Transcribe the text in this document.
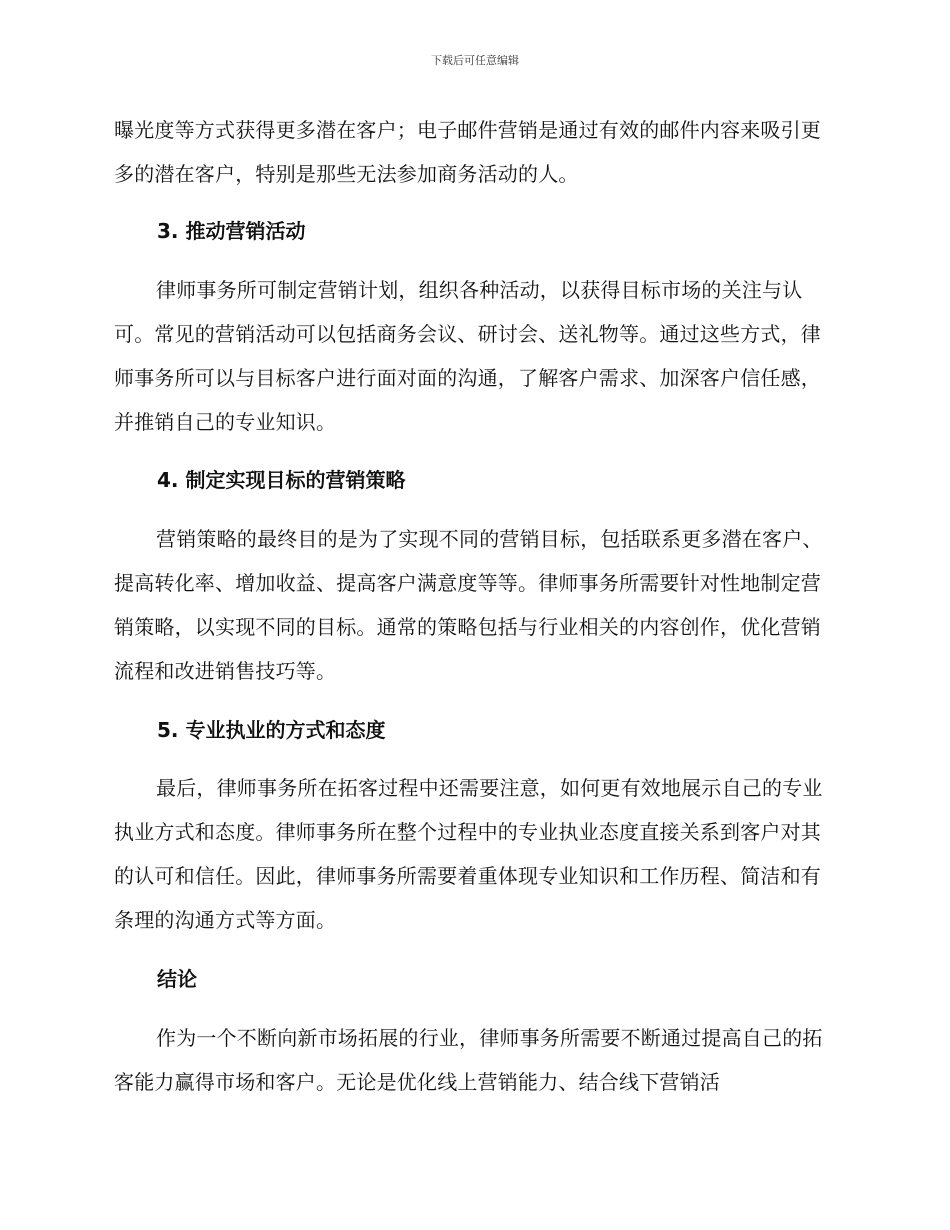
下载后可任意编辑

曝光度等方式获得更多潜在客户；电子邮件营销是通过有效的邮件内容来吸引更多的潜在客户，特别是那些无法参加商务活动的人。

3. 推动营销活动

律师事务所可制定营销计划，组织各种活动，以获得目标市场的关注与认可。常见的营销活动可以包括商务会议、研讨会、送礼物等。通过这些方式，律师事务所可以与目标客户进行面对面的沟通，了解客户需求、加深客户信任感，并推销自己的专业知识。

4. 制定实现目标的营销策略

营销策略的最终目的是为了实现不同的营销目标，包括联系更多潜在客户、提高转化率、增加收益、提高客户满意度等等。律师事务所需要针对性地制定营销策略，以实现不同的目标。通常的策略包括与行业相关的内容创作，优化营销流程和改进销售技巧等。

5. 专业执业的方式和态度

最后，律师事务所在拓客过程中还需要注意，如何更有效地展示自己的专业执业方式和态度。律师事务所在整个过程中的专业执业态度直接关系到客户对其的认可和信任。因此，律师事务所需要着重体现专业知识和工作历程、简洁和有条理的沟通方式等方面。

结论

作为一个不断向新市场拓展的行业，律师事务所需要不断通过提高自己的拓客能力赢得市场和客户。无论是优化线上营销能力、结合线下营销活
